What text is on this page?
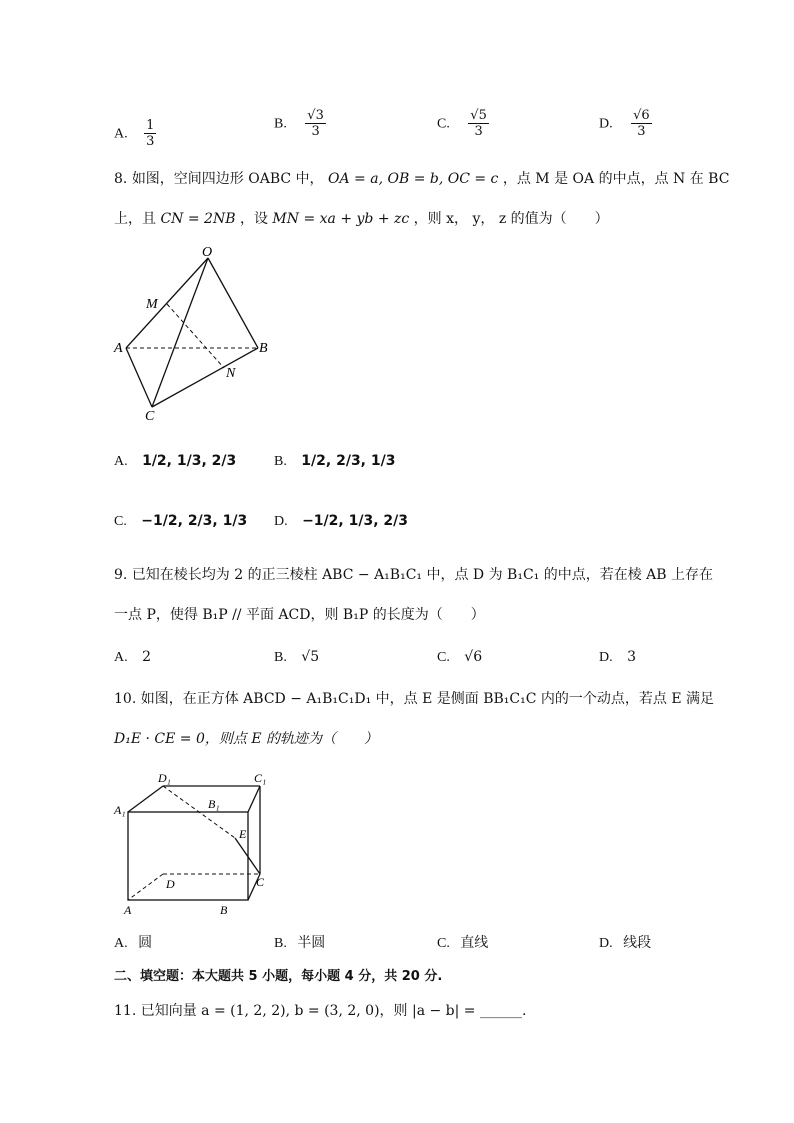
A. $\frac{1}{3}$	B. $\frac{√3}{3}$	C. $\frac{√5}{3}$	D. $\frac{√6}{3}$
8. 如图，空间四边形 OABC 中， OA = a, OB = b, OC = c ，点 M 是 OA 的中点，点 N 在 BC
上，且 CN = 2NB ，设 MN = xa + yb + zc ，则 x， y， z 的值为（　　）
O
M
A	B
N
C
A. 1/2, 1/3, 2/3	B. 1/2, 2/3, 1/3
C. −1/2, 2/3, 1/3 D. −1/2, 1/3, 2/3
9. 已知在棱长均为 2 的正三棱柱 ABC − A₁B₁C₁ 中，点 D 为 B₁C₁ 的中点，若在棱 AB 上存在
一点 P，使得 B₁P // 平面 ACD，则 B₁P 的长度为（　　）
A. 2	B. √5	C. √6	D. 3
10. 如图，在正方体 ABCD − A₁B₁C₁D₁ 中，点 E 是侧面 BB₁C₁C 内的一个动点，若点 E 满足
D₁E · CE = 0，则点 E 的轨迹为（　　）
D₁	C₁
A₁	B₁
E
D	C
A	B
A. 圆	B. 半圆	C. 直线	D. 线段
二、填空题：本大题共 5 小题，每小题 4 分，共 20 分.
11. 已知向量 a = (1, 2, 2), b = (3, 2, 0)，则 |a − b| = ______.
